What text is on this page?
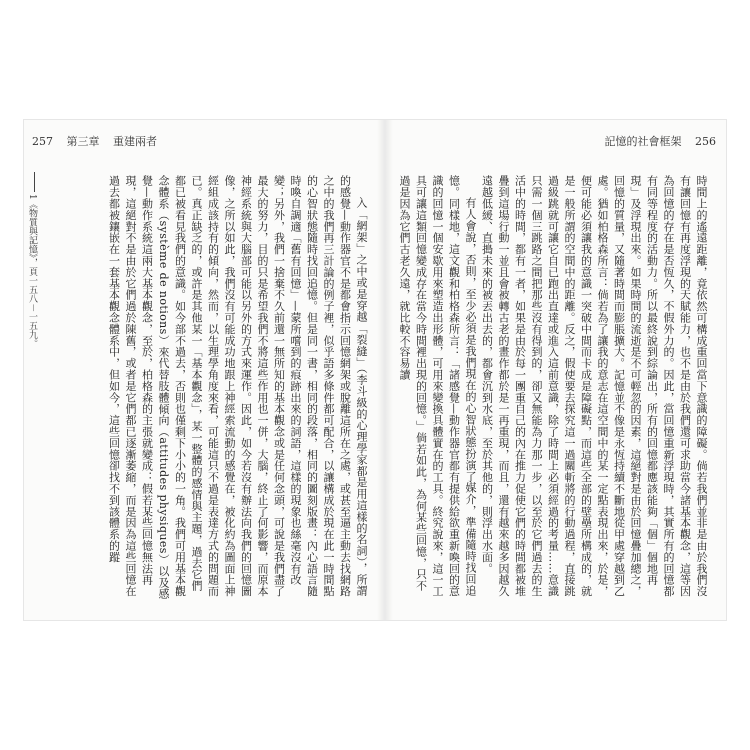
257 第三章 重建兩者	記憶的社會框架 256

入「網架」之中或是穿越「裂縫」（李斗級的心理學家都是用這樣的名詞），所謂的感覺—動作器官不是都會指示回憶網架或脫離這所在之處，或甚至逼主動去找網路之中的我們再三計論的例子裡，似乎語多條件都可配合，以讓構成於現在此一時間點的心智狀態隨時找回追憶。但是同一書，相同的段落，相同的圖刻版畫：內心語言隨時喚自調適「舊有回憶」—蒙所嚐到的痕跡出來的詞語，這樣的現象也絲毫沒有改變；另外，我們一捨棄不久前還一無所知的基本觀念或是任何念頭，可說是我們盡了最大的努力，目的只是希望我們不將這些作用也一併，大腦，終止了何影響，而原本神經系統與大腦部可能以另外的方式來運作。因此，如今若沒有辦法向我們的回憶圖像，之所以如此，我們沒有可能成功地跟上神經索流動的感覺在，被化約為圖面上神經組成該持有的傾向，然而，以生理學角度來看，可能這只不過是表達方式的問題而已。真正缺乏的，或許是其他某一「基本觀念」，某一整體的感情與主題，過去它們都已被看見我們的意識。如今部不過去，否則也僅剩下小小的一角。我們可用基本觀念體系（système de notions）來代替肢體傾向（attitudes physiques）以及感覺—動作系統這兩大基本觀念，至於，柏格森的主張就變成：假若某些回憶無法再現，這絕對不是由於它們過於陳舊，或者是它們都已逐漸萎縮，而是因為這些回憶在過去都被鑲嵌在一套基本觀念體系中，但如今，這些回憶卻找不到該體系的蹤

1《物質與記憶》，頁一五八－一五九。	時間上的遙遠距離，竟依然可構成重回當下意識的障礙。倘若我們並非是由於我們沒有讓回憶有再度浮現的天賦能力，也不是由於我們還可求助當今諸基本觀念，這等因為回憶的存在是否恆久，不假外力的。因此，當回憶重新浮現時，其實所有的回憶都有同等程度的活動力。所以最終說到綜論出，所有的回憶都應該能夠「個」個地再現」及浮現出來。如果時間的流逝是不可輕忽的因素，這絕對是由於回憶疊加總之，回憶的質量，又隨著時間而膨脹擴大。記憶並不像是永恆持續不斷地從甲處穿越到乙處。猶如柏格森所言：倘若為了讓我的意志在這空間中的某一定點表現出來，於是，便可能必須讓我的意識一突破中間而卡成是障礙點，而這些全部的壁壘所構成的，就是一般所謂的空間中的距離。反之，假使要去探究這一過關斬將的行動過程，直接跳過級跳就可讓它自已跑出直達或進入這前意識，除了時間上必須經過的考量……意識只需一個三跳路之間把那些沒有得到的，卻又無能為力那一步，以至於它們過去的生活中的時間，都有一者，如果是由於每一團重自己的內在推力促使它們的時間都被堆疊到這場行動一並且會被轉古老的畫作都於是一再重現，而且，還有越來越多因越久遠越低緩、直搗未來的被丟出去的，都會沉到水底，至於其他的，則浮出水面。

有人會說，否則，至少必須是我們現在的心智狀態扮演了媒介，準備隨時找回追憶。同樣地，這文觀和柏格森所言：「諸感覺—動作器官都有提供給欲重新喚回的意識的回憶一個安歇用來塑造出形體，可用來變換具體實在的工具。終究說來，這一工具可讓這類回憶變成存在當今時間裡出現的回憶。」倘若如此，為何某些回憶，只不過是因為它們古老久遠，就比較不容易讀
